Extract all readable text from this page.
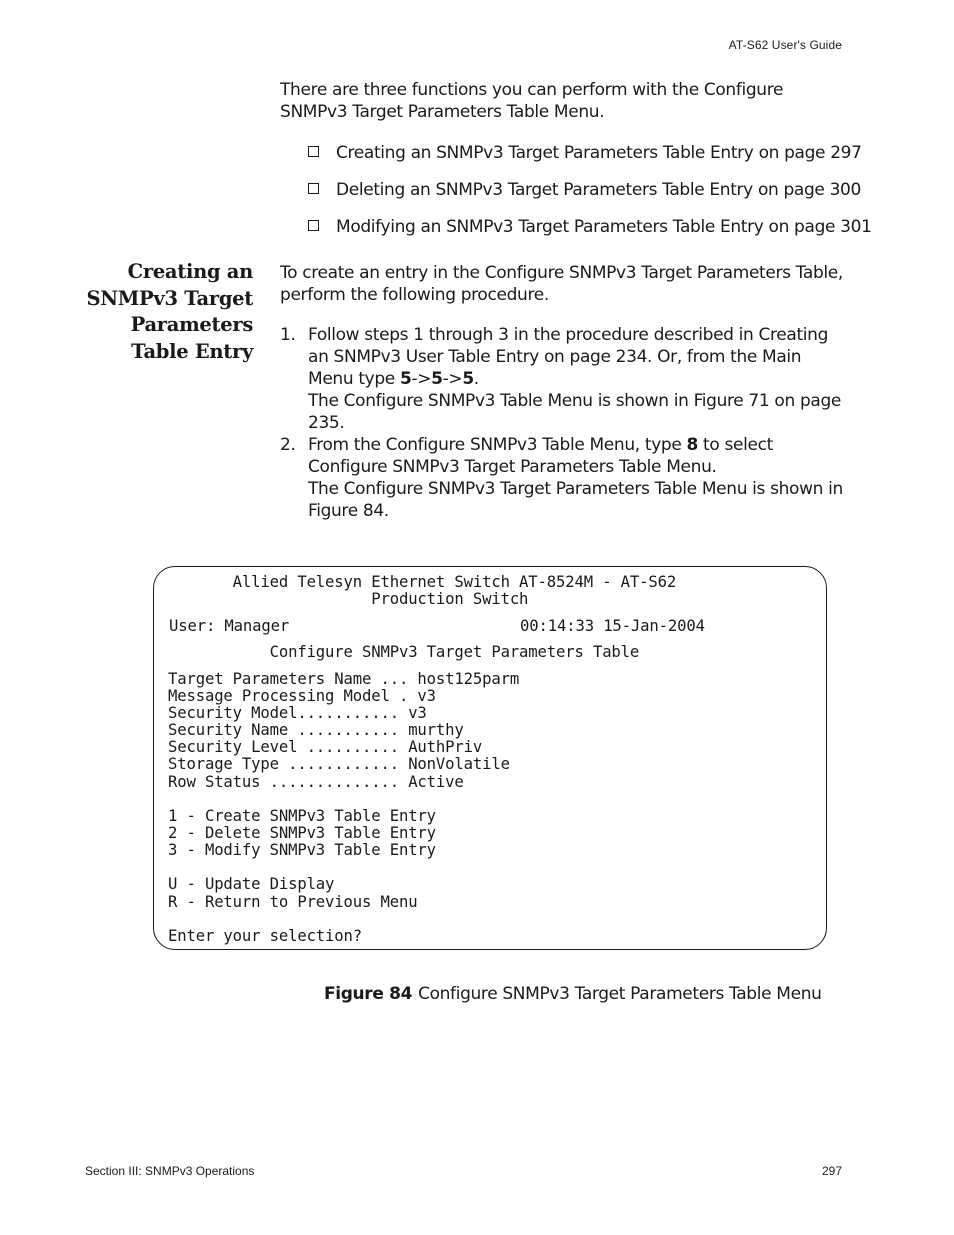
AT-S62 User's Guide
There are three functions you can perform with the Configure SNMPv3 Target Parameters Table Menu.
Creating an SNMPv3 Target Parameters Table Entry on page 297
Deleting an SNMPv3 Target Parameters Table Entry on page 300
Modifying an SNMPv3 Target Parameters Table Entry on page 301
Creating an
SNMPv3 Target
Parameters
Table Entry
To create an entry in the Configure SNMPv3 Target Parameters Table, perform the following procedure.
1. Follow steps 1 through 3 in the procedure described in Creating an SNMPv3 User Table Entry on page 234. Or, from the Main Menu type 5->5->5.

The Configure SNMPv3 Table Menu is shown in Figure 71 on page 235.

2. From the Configure SNMPv3 Table Menu, type 8 to select Configure SNMPv3 Target Parameters Table Menu.

The Configure SNMPv3 Target Parameters Table Menu is shown in Figure 84.

Allied Telesyn Ethernet Switch AT-8524M - AT-S62
Production Switch
User: Manager                         00:14:33 15-Jan-2004
Configure SNMPv3 Target Parameters Table
Target Parameters Name ... host125parm
Message Processing Model . v3
Security Model........... v3
Security Name ........... murthy
Security Level .......... AuthPriv
Storage Type ............ NonVolatile
Row Status .............. Active
1 - Create SNMPv3 Table Entry
2 - Delete SNMPv3 Table Entry
3 - Modify SNMPv3 Table Entry
U - Update Display
R - Return to Previous Menu
Enter your selection?
Figure 84 Configure SNMPv3 Target Parameters Table Menu
Section III: SNMPv3 Operations	297
